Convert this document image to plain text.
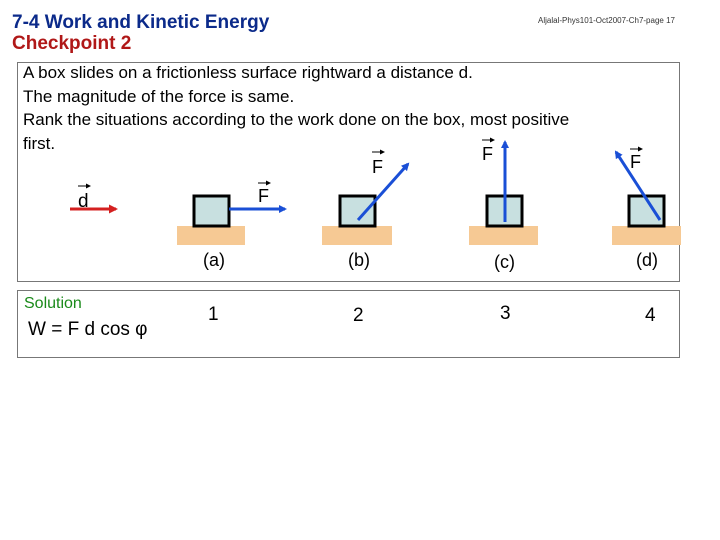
7-4 Work and Kinetic Energy
Checkpoint 2
Aljalal-Phys101-Oct2007-Ch7-page 17
A box slides on a frictionless surface rightward a distance d.
The magnitude of the force is same.
Rank the situations according to the work done on the box, most positive
first.
d	F
(a)
F
(b)
F
(c)
F
(d)
Solution
W = F d cos φ
1	2	3	4
